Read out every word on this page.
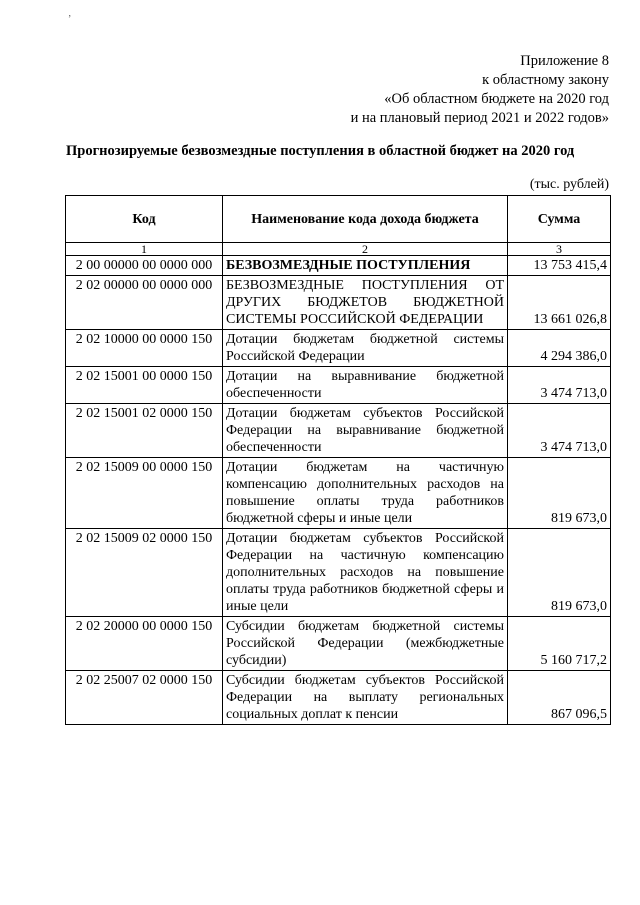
ʼ
Приложение 8
к областному закону
«Об областном бюджете на 2020 год
и на плановый период 2021 и 2022 годов»
Прогнозируемые безвозмездные поступления в областной бюджет на 2020 год
(тыс. рублей)
Код	Наименование кода дохода бюджета	Сумма
1	2	3
2 00 00000 00 0000 000	БЕЗВОЗМЕЗДНЫЕ ПОСТУПЛЕНИЯ	13 753 415,4
2 02 00000 00 0000 000	БЕЗВОЗМЕЗДНЫЕ ПОСТУПЛЕНИЯ ОТ ДРУГИХ БЮДЖЕТОВ БЮДЖЕТНОЙ СИСТЕМЫ РОССИЙСКОЙ ФЕДЕРАЦИИ	13 661 026,8
2 02 10000 00 0000 150	Дотации бюджетам бюджетной системы Российской Федерации	4 294 386,0
2 02 15001 00 0000 150	Дотации на выравнивание бюджетной обеспеченности	3 474 713,0
2 02 15001 02 0000 150	Дотации бюджетам субъектов Российской Федерации на выравнивание бюджетной обеспеченности	3 474 713,0
2 02 15009 00 0000 150	Дотации бюджетам на частичную компенсацию дополнительных расходов на повышение оплаты труда работников бюджетной сферы и иные цели	819 673,0
2 02 15009 02 0000 150	Дотации бюджетам субъектов Российской Федерации на частичную компенсацию дополнительных расходов на повышение оплаты труда работников бюджетной сферы и иные цели	819 673,0
2 02 20000 00 0000 150	Субсидии бюджетам бюджетной системы Российской Федерации (межбюджетные субсидии)	5 160 717,2
2 02 25007 02 0000 150	Субсидии бюджетам субъектов Российской Федерации на выплату региональных социальных доплат к пенсии	867 096,5
